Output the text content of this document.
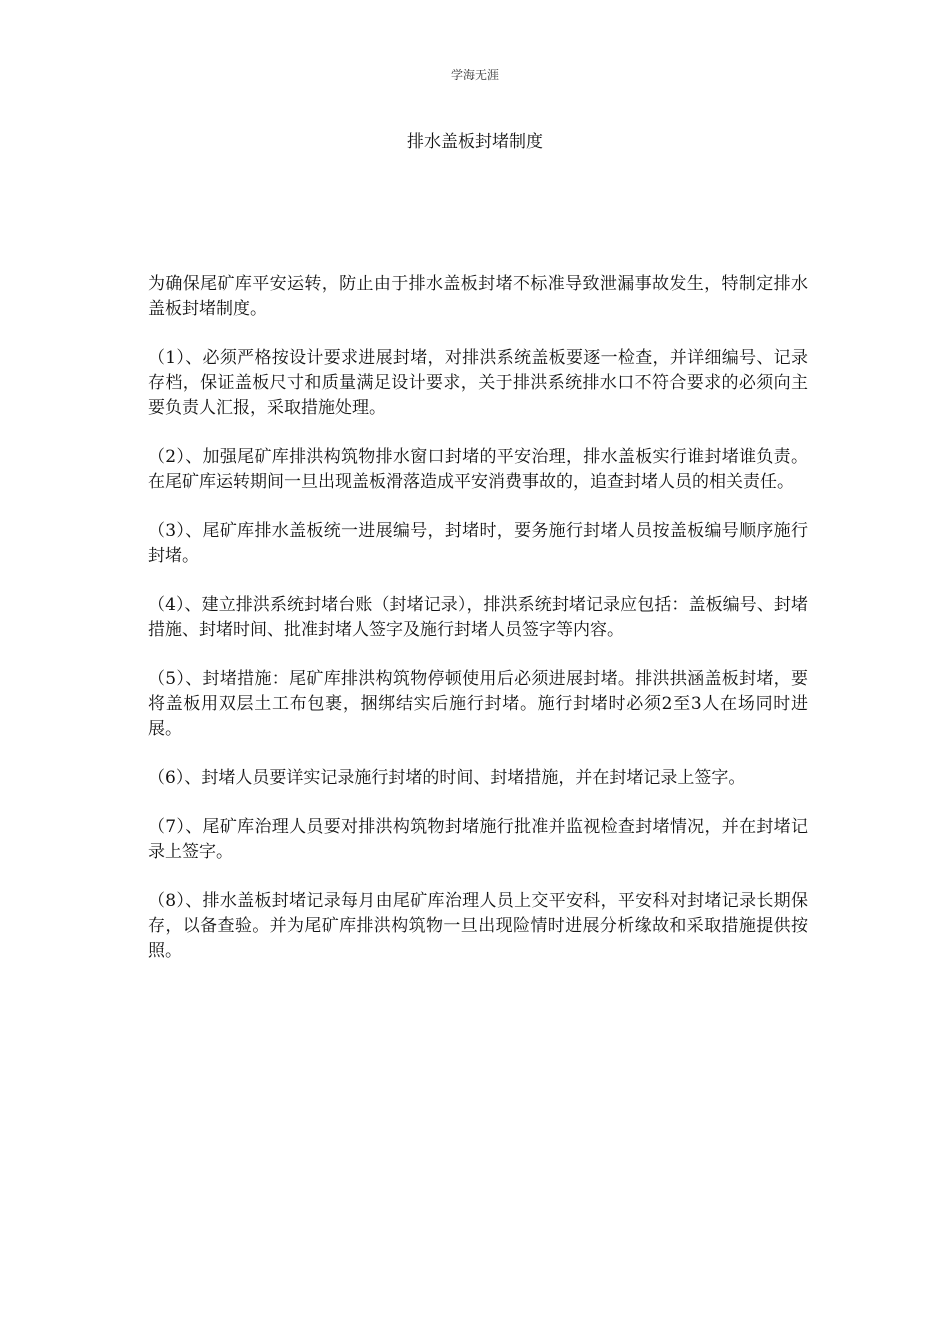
学海无涯
排水盖板封堵制度

为确保尾矿库平安运转，防止由于排水盖板封堵不标准导致泄漏事故发生，特制定排水盖板封堵制度。

（1）、必须严格按设计要求进展封堵，对排洪系统盖板要逐一检查，并详细编号、记录存档，保证盖板尺寸和质量满足设计要求，关于排洪系统排水口不符合要求的必须向主要负责人汇报，采取措施处理。

（2）、加强尾矿库排洪构筑物排水窗口封堵的平安治理，排水盖板实行谁封堵谁负责。在尾矿库运转期间一旦出现盖板滑落造成平安消费事故的，追查封堵人员的相关责任。

（3）、尾矿库排水盖板统一进展编号，封堵时，要务施行封堵人员按盖板编号顺序施行封堵。

（4）、建立排洪系统封堵台账（封堵记录），排洪系统封堵记录应包括：盖板编号、封堵措施、封堵时间、批准封堵人签字及施行封堵人员签字等内容。

（5）、封堵措施：尾矿库排洪构筑物停顿使用后必须进展封堵。排洪拱涵盖板封堵，要将盖板用双层土工布包裹，捆绑结实后施行封堵。施行封堵时必须2至3人在场同时进展。

（6）、封堵人员要详实记录施行封堵的时间、封堵措施，并在封堵记录上签字。

（7）、尾矿库治理人员要对排洪构筑物封堵施行批准并监视检查封堵情况，并在封堵记录上签字。

（8）、排水盖板封堵记录每月由尾矿库治理人员上交平安科，平安科对封堵记录长期保存，以备查验。并为尾矿库排洪构筑物一旦出现险情时进展分析缘故和采取措施提供按照。
